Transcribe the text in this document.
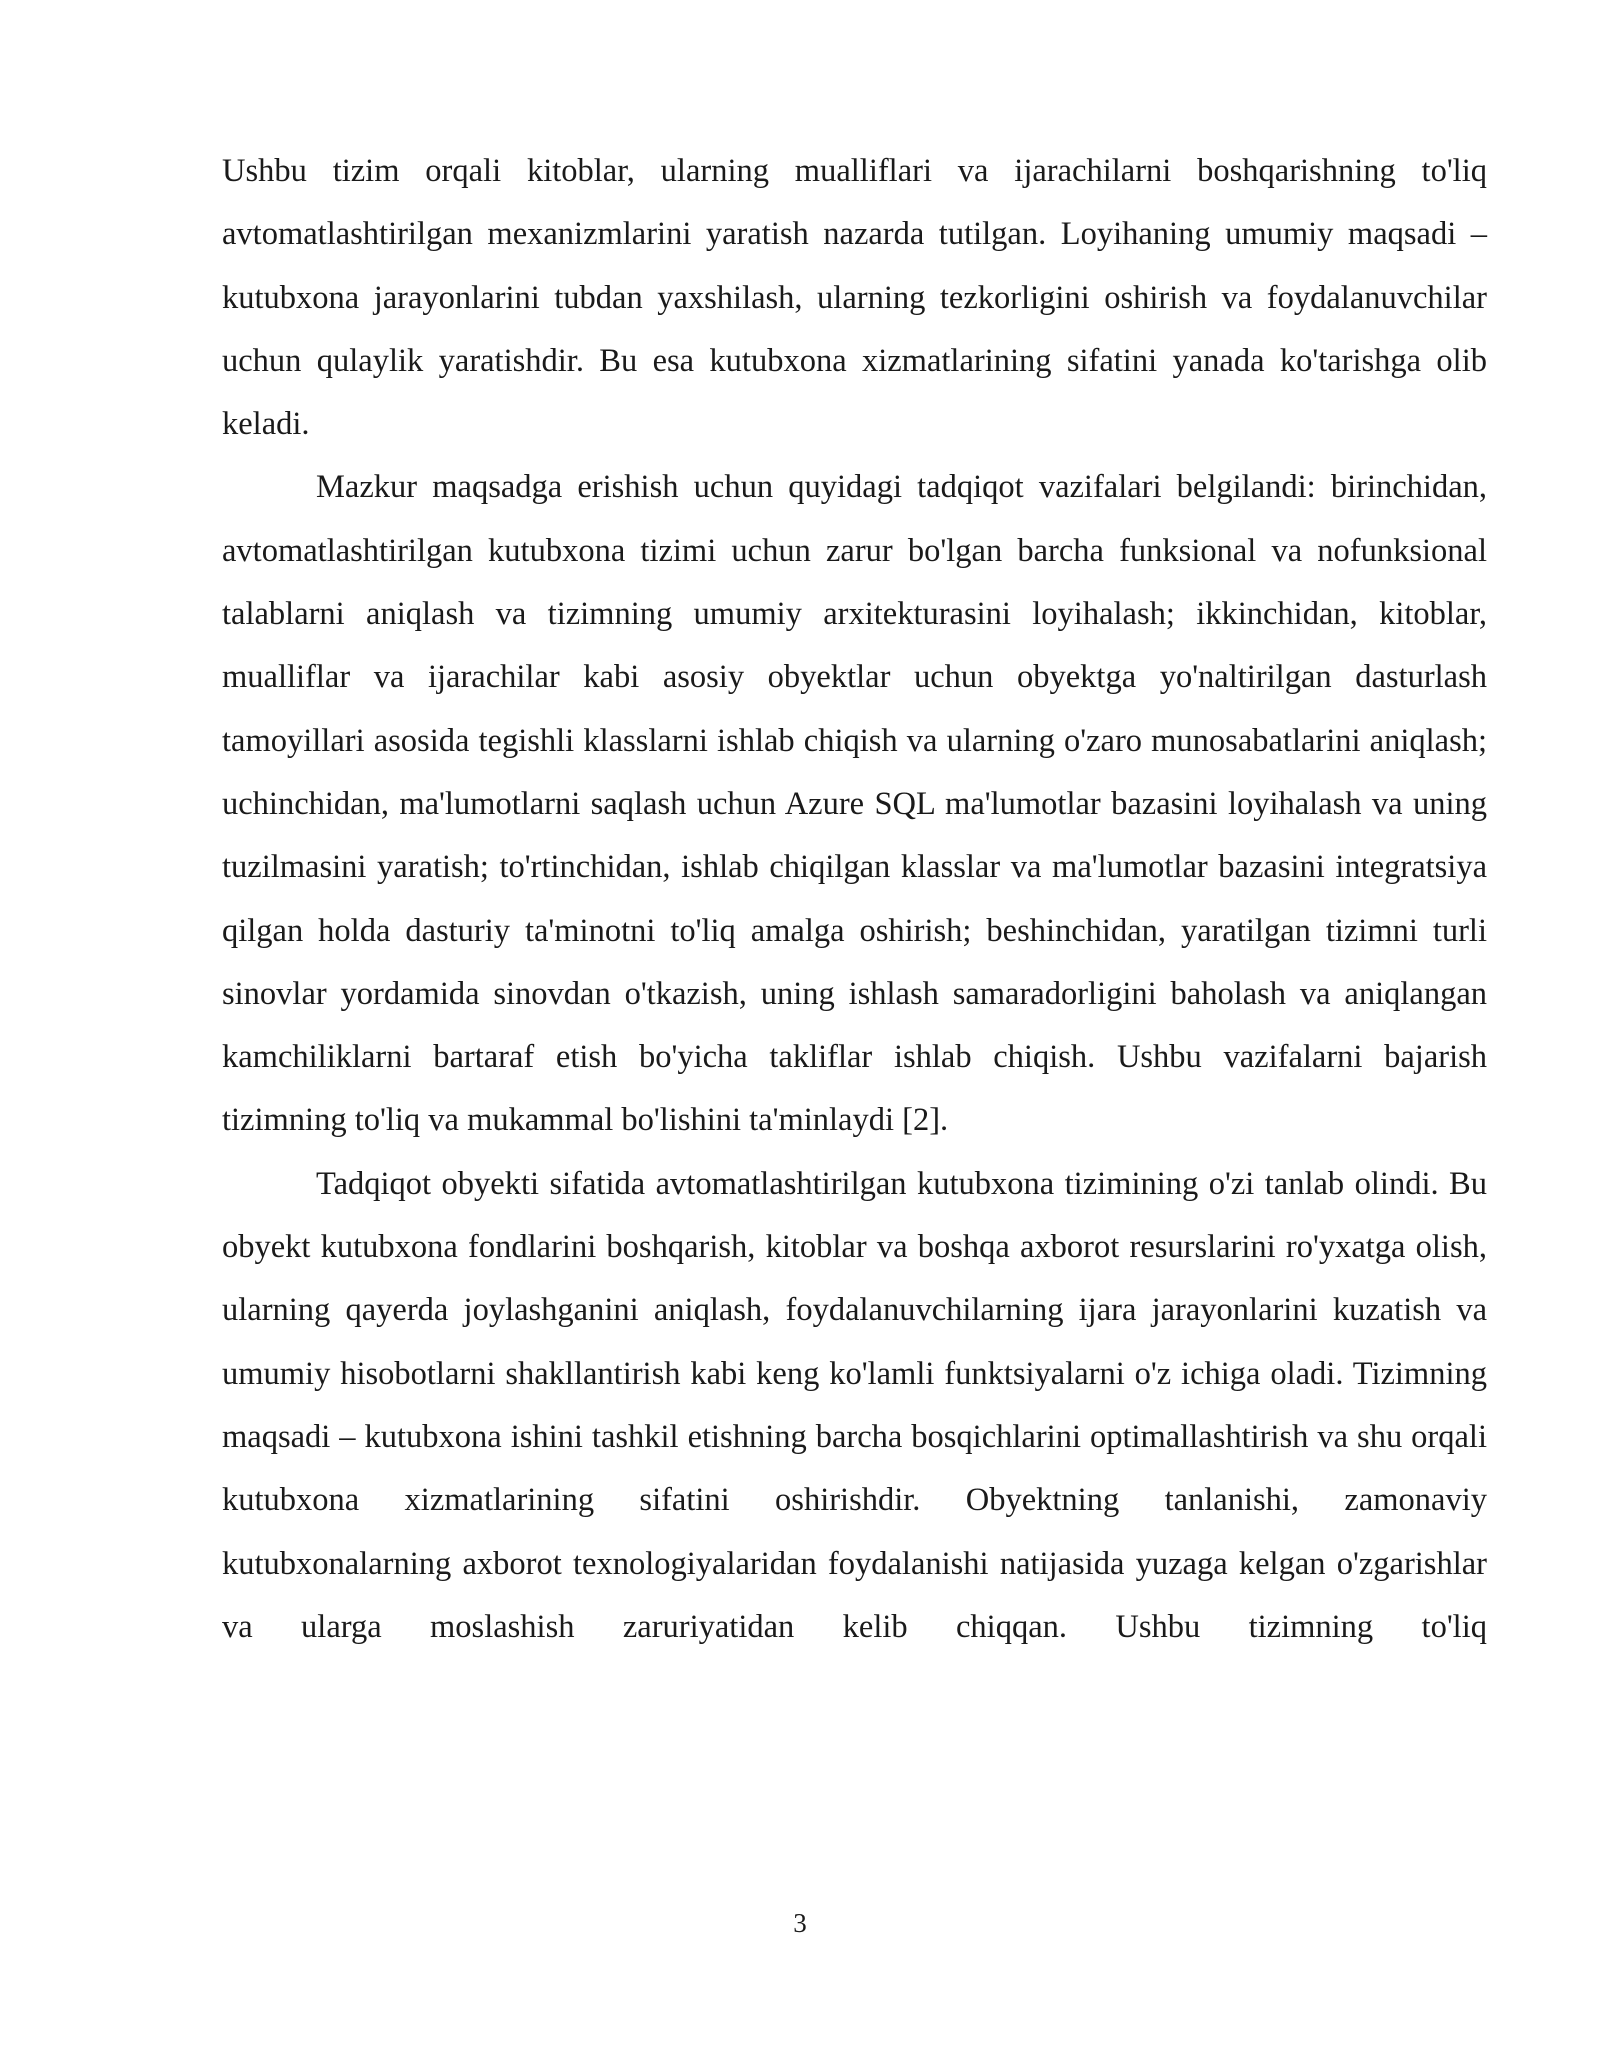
Ushbu tizim orqali kitoblar, ularning mualliflari va ijarachilarni boshqarishning to'liq avtomatlashtirilgan mexanizmlarini yaratish nazarda tutilgan. Loyihaning umumiy maqsadi – kutubxona jarayonlarini tubdan yaxshilash, ularning tezkorligini oshirish va foydalanuvchilar uchun qulaylik yaratishdir. Bu esa kutubxona xizmatlarining sifatini yanada ko'tarishga olib keladi.

Mazkur maqsadga erishish uchun quyidagi tadqiqot vazifalari belgilandi: birinchidan, avtomatlashtirilgan kutubxona tizimi uchun zarur bo'lgan barcha funksional va nofunksional talablarni aniqlash va tizimning umumiy arxitekturasini loyihalash; ikkinchidan, kitoblar, mualliflar va ijarachilar kabi asosiy obyektlar uchun obyektga yo'naltirilgan dasturlash tamoyillari asosida tegishli klasslarni ishlab chiqish va ularning o'zaro munosabatlarini aniqlash; uchinchidan, ma'lumotlarni saqlash uchun Azure SQL ma'lumotlar bazasini loyihalash va uning tuzilmasini yaratish; to'rtinchidan, ishlab chiqilgan klasslar va ma'lumotlar bazasini integratsiya qilgan holda dasturiy ta'minotni to'liq amalga oshirish; beshinchidan, yaratilgan tizimni turli sinovlar yordamida sinovdan o'tkazish, uning ishlash samaradorligini baholash va aniqlangan kamchiliklarni bartaraf etish bo'yicha takliflar ishlab chiqish. Ushbu vazifalarni bajarish tizimning to'liq va mukammal bo'lishini ta'minlaydi [2].

Tadqiqot obyekti sifatida avtomatlashtirilgan kutubxona tizimining o'zi tanlab olindi. Bu obyekt kutubxona fondlarini boshqarish, kitoblar va boshqa axborot resurslarini ro'yxatga olish, ularning qayerda joylashganini aniqlash, foydalanuvchilarning ijara jarayonlarini kuzatish va umumiy hisobotlarni shakllantirish kabi keng ko'lamli funktsiyalarni o'z ichiga oladi. Tizimning maqsadi – kutubxona ishini tashkil etishning barcha bosqichlarini optimallashtirish va shu orqali kutubxona xizmatlarining sifatini oshirishdir. Obyektning tanlanishi, zamonaviy kutubxonalarning axborot texnologiyalaridan foydalanishi natijasida yuzaga kelgan o'zgarishlar va ularga moslashish zaruriyatidan kelib chiqqan. Ushbu tizimning to'liq

3
